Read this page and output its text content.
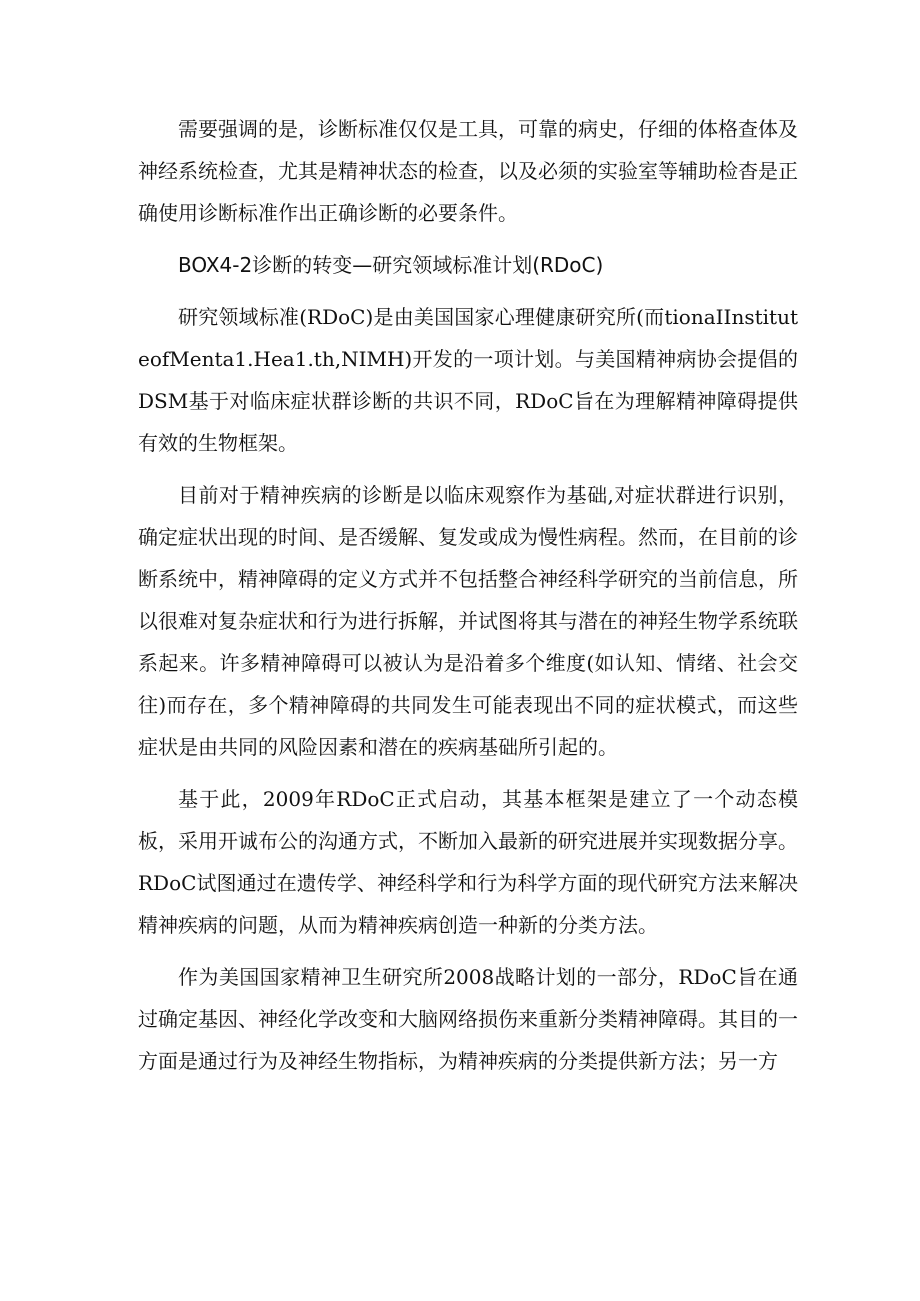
需要强调的是，诊断标准仅仅是工具，可靠的病史，仔细的体格查体及神经系统检查，尤其是精神状态的检查，以及必须的实验室等辅助检杳是正确使用诊断标准作出正确诊断的必要条件。

BOX4-2诊断的转变—研究领域标准计划(RDoC)

研究领域标准(RDoC)是由美国国家心理健康研究所(而tionaIInstituteofMenta1.Hea1.th,NIMH)开发的一项计划。与美国精神病协会提倡的DSM基于对临床症状群诊断的共识不同，RDoC旨在为理解精神障碍提供有效的生物框架。

目前对于精神疾病的诊断是以临床观察作为基础,对症状群进行识别，确定症状出现的时间、是否缓解、复发或成为慢性病程。然而，在目前的诊断系统中，精神障碍的定义方式并不包括整合神经科学研究的当前信息，所以很难对复杂症状和行为进行拆解，并试图将其与潜在的神羟生物学系统联系起来。许多精神障碍可以被认为是沿着多个维度(如认知、情绪、社会交往)而存在，多个精神障碍的共同发生可能表现出不同的症状模式，而这些症状是由共同的风险因素和潜在的疾病基础所引起的。

基于此，2009年RDoC正式启动，其基本框架是建立了一个动态模板，采用开诚布公的沟通方式，不断加入最新的研究进展并实现数据分享。RDoC试图通过在遗传学、神经科学和行为科学方面的现代研究方法来解决精神疾病的问题，从而为精神疾病创造一种新的分类方法。

作为美国国家精神卫生研究所2008战略计划的一部分，RDoC旨在通过确定基因、神经化学改变和大脑网络损伤来重新分类精神障碍。其目的一方面是通过行为及神经生物指标，为精神疾病的分类提供新方法；另一方
